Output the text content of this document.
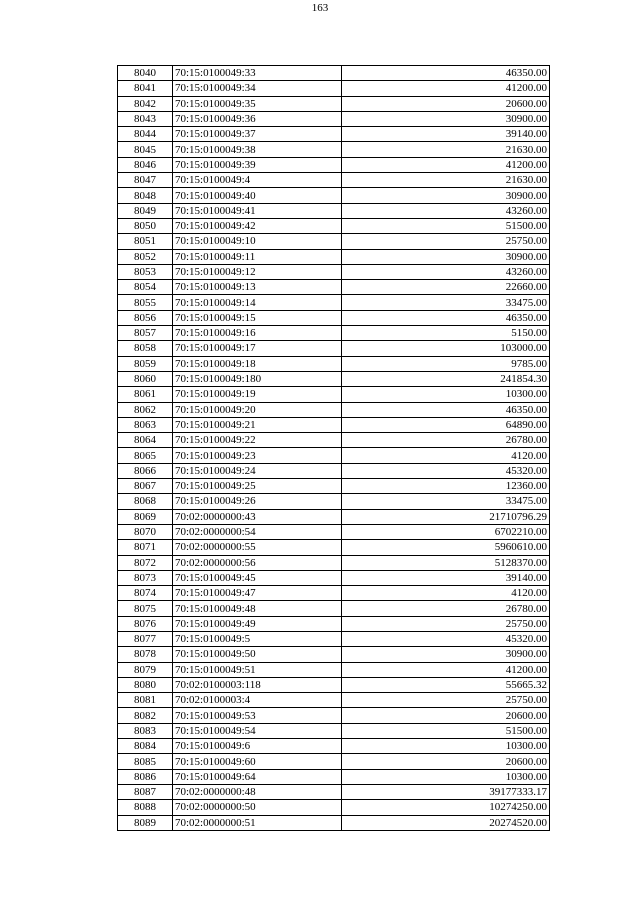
163
8040	70:15:0100049:33	46350.00
8041	70:15:0100049:34	41200.00
8042	70:15:0100049:35	20600.00
8043	70:15:0100049:36	30900.00
8044	70:15:0100049:37	39140.00
8045	70:15:0100049:38	21630.00
8046	70:15:0100049:39	41200.00
8047	70:15:0100049:4	21630.00
8048	70:15:0100049:40	30900.00
8049	70:15:0100049:41	43260.00
8050	70:15:0100049:42	51500.00
8051	70:15:0100049:10	25750.00
8052	70:15:0100049:11	30900.00
8053	70:15:0100049:12	43260.00
8054	70:15:0100049:13	22660.00
8055	70:15:0100049:14	33475.00
8056	70:15:0100049:15	46350.00
8057	70:15:0100049:16	5150.00
8058	70:15:0100049:17	103000.00
8059	70:15:0100049:18	9785.00
8060	70:15:0100049:180	241854.30
8061	70:15:0100049:19	10300.00
8062	70:15:0100049:20	46350.00
8063	70:15:0100049:21	64890.00
8064	70:15:0100049:22	26780.00
8065	70:15:0100049:23	4120.00
8066	70:15:0100049:24	45320.00
8067	70:15:0100049:25	12360.00
8068	70:15:0100049:26	33475.00
8069	70:02:0000000:43	21710796.29
8070	70:02:0000000:54	6702210.00
8071	70:02:0000000:55	5960610.00
8072	70:02:0000000:56	5128370.00
8073	70:15:0100049:45	39140.00
8074	70:15:0100049:47	4120.00
8075	70:15:0100049:48	26780.00
8076	70:15:0100049:49	25750.00
8077	70:15:0100049:5	45320.00
8078	70:15:0100049:50	30900.00
8079	70:15:0100049:51	41200.00
8080	70:02:0100003:118	55665.32
8081	70:02:0100003:4	25750.00
8082	70:15:0100049:53	20600.00
8083	70:15:0100049:54	51500.00
8084	70:15:0100049:6	10300.00
8085	70:15:0100049:60	20600.00
8086	70:15:0100049:64	10300.00
8087	70:02:0000000:48	39177333.17
8088	70:02:0000000:50	10274250.00
8089	70:02:0000000:51	20274520.00
